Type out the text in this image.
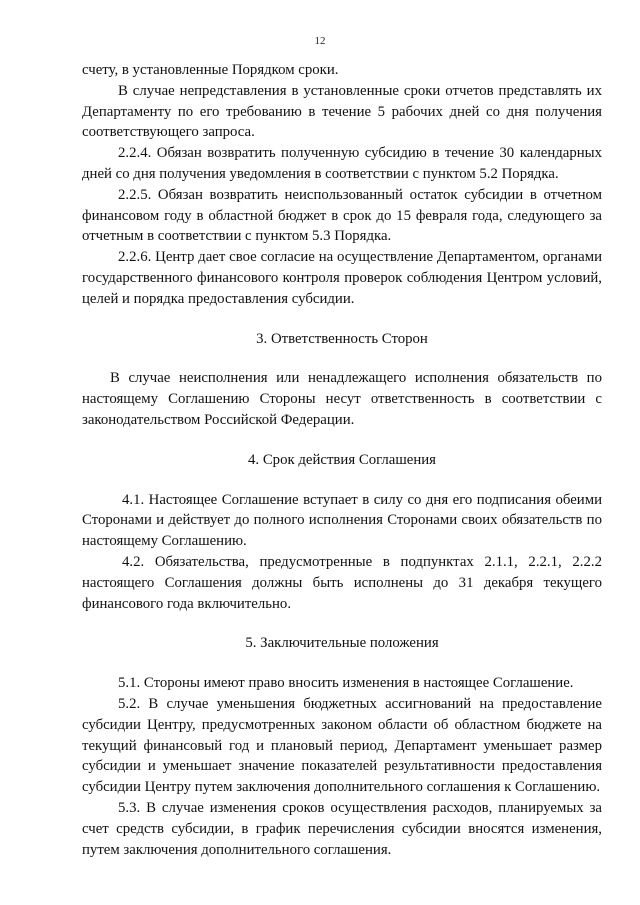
12

счету, в установленные Порядком сроки.

В случае непредставления в установленные сроки отчетов представлять их Департаменту по его требованию в течение 5 рабочих дней со дня получения соответствующего запроса.

2.2.4. Обязан возвратить полученную субсидию в течение 30 календарных дней со дня получения уведомления в соответствии с пунктом 5.2 Порядка.

2.2.5. Обязан возвратить неиспользованный остаток субсидии в отчетном финансовом году в областной бюджет в срок до 15 февраля года, следующего за отчетным в соответствии с пунктом 5.3 Порядка.

2.2.6. Центр дает свое согласие на осуществление Департаментом, органами государственного финансового контроля проверок соблюдения Центром условий, целей и порядка предоставления субсидии.

3. Ответственность Сторон

В случае неисполнения или ненадлежащего исполнения обязательств по настоящему Соглашению Стороны несут ответственность в соответствии с законодательством Российской Федерации.

4. Срок действия Соглашения

4.1. Настоящее Соглашение вступает в силу со дня его подписания обеими Сторонами и действует до полного исполнения Сторонами своих обязательств по настоящему Соглашению.

4.2. Обязательства, предусмотренные в подпунктах 2.1.1, 2.2.1, 2.2.2 настоящего Соглашения должны быть исполнены до 31 декабря текущего финансового года включительно.

5. Заключительные положения

5.1. Стороны имеют право вносить изменения в настоящее Соглашение.

5.2. В случае уменьшения бюджетных ассигнований на предоставление субсидии Центру, предусмотренных законом области об областном бюджете на текущий финансовый год и плановый период, Департамент уменьшает размер субсидии и уменьшает значение показателей результативности предоставления субсидии Центру путем заключения дополнительного соглашения к Соглашению.

5.3. В случае изменения сроков осуществления расходов, планируемых за счет средств субсидии, в график перечисления субсидии вносятся изменения, путем заключения дополнительного соглашения.
